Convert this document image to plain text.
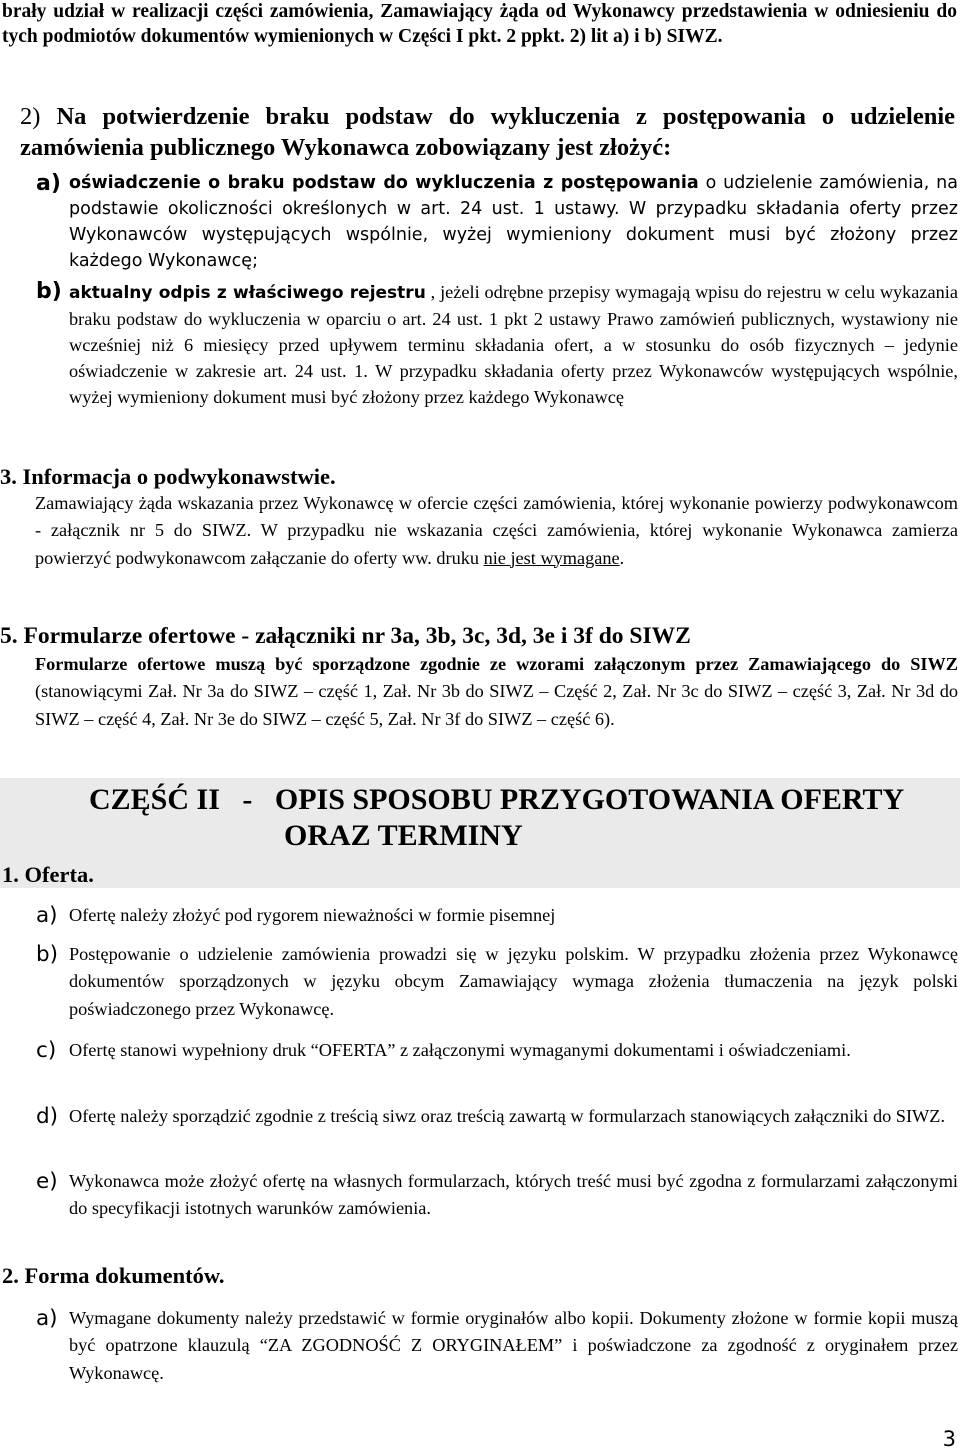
brały udział w realizacji części zamówienia, Zamawiający żąda od Wykonawcy przedstawienia w odniesieniu do tych podmiotów dokumentów wymienionych w Części I pkt. 2 ppkt. 2) lit a) i b) SIWZ.
2) Na potwierdzenie braku podstaw do wykluczenia z postępowania o udzielenie zamówienia publicznego Wykonawca zobowiązany jest złożyć:
a) oświadczenie o braku podstaw do wykluczenia z postępowania o udzielenie zamówienia, na podstawie okoliczności określonych w art. 24 ust. 1 ustawy. W przypadku składania oferty przez Wykonawców występujących wspólnie, wyżej wymieniony dokument musi być złożony przez każdego Wykonawcę;
b) aktualny odpis z właściwego rejestru , jeżeli odrębne przepisy wymagają wpisu do rejestru w celu wykazania braku podstaw do wykluczenia w oparciu o art. 24 ust. 1 pkt 2 ustawy Prawo zamówień publicznych, wystawiony nie wcześniej niż 6 miesięcy przed upływem terminu składania ofert, a w stosunku do osób fizycznych – jedynie oświadczenie w zakresie art. 24 ust. 1. W przypadku składania oferty przez Wykonawców występujących wspólnie, wyżej wymieniony dokument musi być złożony przez każdego Wykonawcę
3. Informacja o podwykonawstwie.
Zamawiający żąda wskazania przez Wykonawcę w ofercie części zamówienia, której wykonanie powierzy podwykonawcom - załącznik nr 5 do SIWZ. W przypadku nie wskazania części zamówienia, której wykonanie Wykonawca zamierza powierzyć podwykonawcom załączanie do oferty ww. druku nie jest wymagane.
5. Formularze ofertowe - załączniki nr 3a, 3b, 3c, 3d, 3e i 3f do SIWZ
Formularze ofertowe muszą być sporządzone zgodnie ze wzorami załączonym przez Zamawiającego do SIWZ (stanowiącymi Zał. Nr 3a do SIWZ – część 1, Zał. Nr 3b do SIWZ – Część 2, Zał. Nr 3c do SIWZ – część 3, Zał. Nr 3d do SIWZ – część 4, Zał. Nr 3e do SIWZ – część 5, Zał. Nr 3f do SIWZ – część 6).
CZĘŚĆ II   -   OPIS SPOSOBU PRZYGOTOWANIA OFERTY
ORAZ TERMINY
1. Oferta.
a) Ofertę należy złożyć pod rygorem nieważności w formie pisemnej
b) Postępowanie o udzielenie zamówienia prowadzi się w języku polskim. W przypadku złożenia przez Wykonawcę dokumentów sporządzonych w języku obcym Zamawiający wymaga złożenia tłumaczenia na język polski poświadczonego przez Wykonawcę.
c) Ofertę stanowi wypełniony druk “OFERTA” z załączonymi wymaganymi dokumentami i oświadczeniami.
d) Ofertę należy sporządzić zgodnie z treścią siwz oraz treścią zawartą w formularzach stanowiących załączniki do SIWZ.
e) Wykonawca może złożyć ofertę na własnych formularzach, których treść musi być zgodna z formularzami załączonymi do specyfikacji istotnych warunków zamówienia.
2. Forma dokumentów.
a) Wymagane dokumenty należy przedstawić w formie oryginałów albo kopii. Dokumenty złożone w formie kopii muszą być opatrzone klauzulą “ZA ZGODNOŚĆ Z ORYGINAŁEM” i poświadczone za zgodność z oryginałem przez Wykonawcę.
3
